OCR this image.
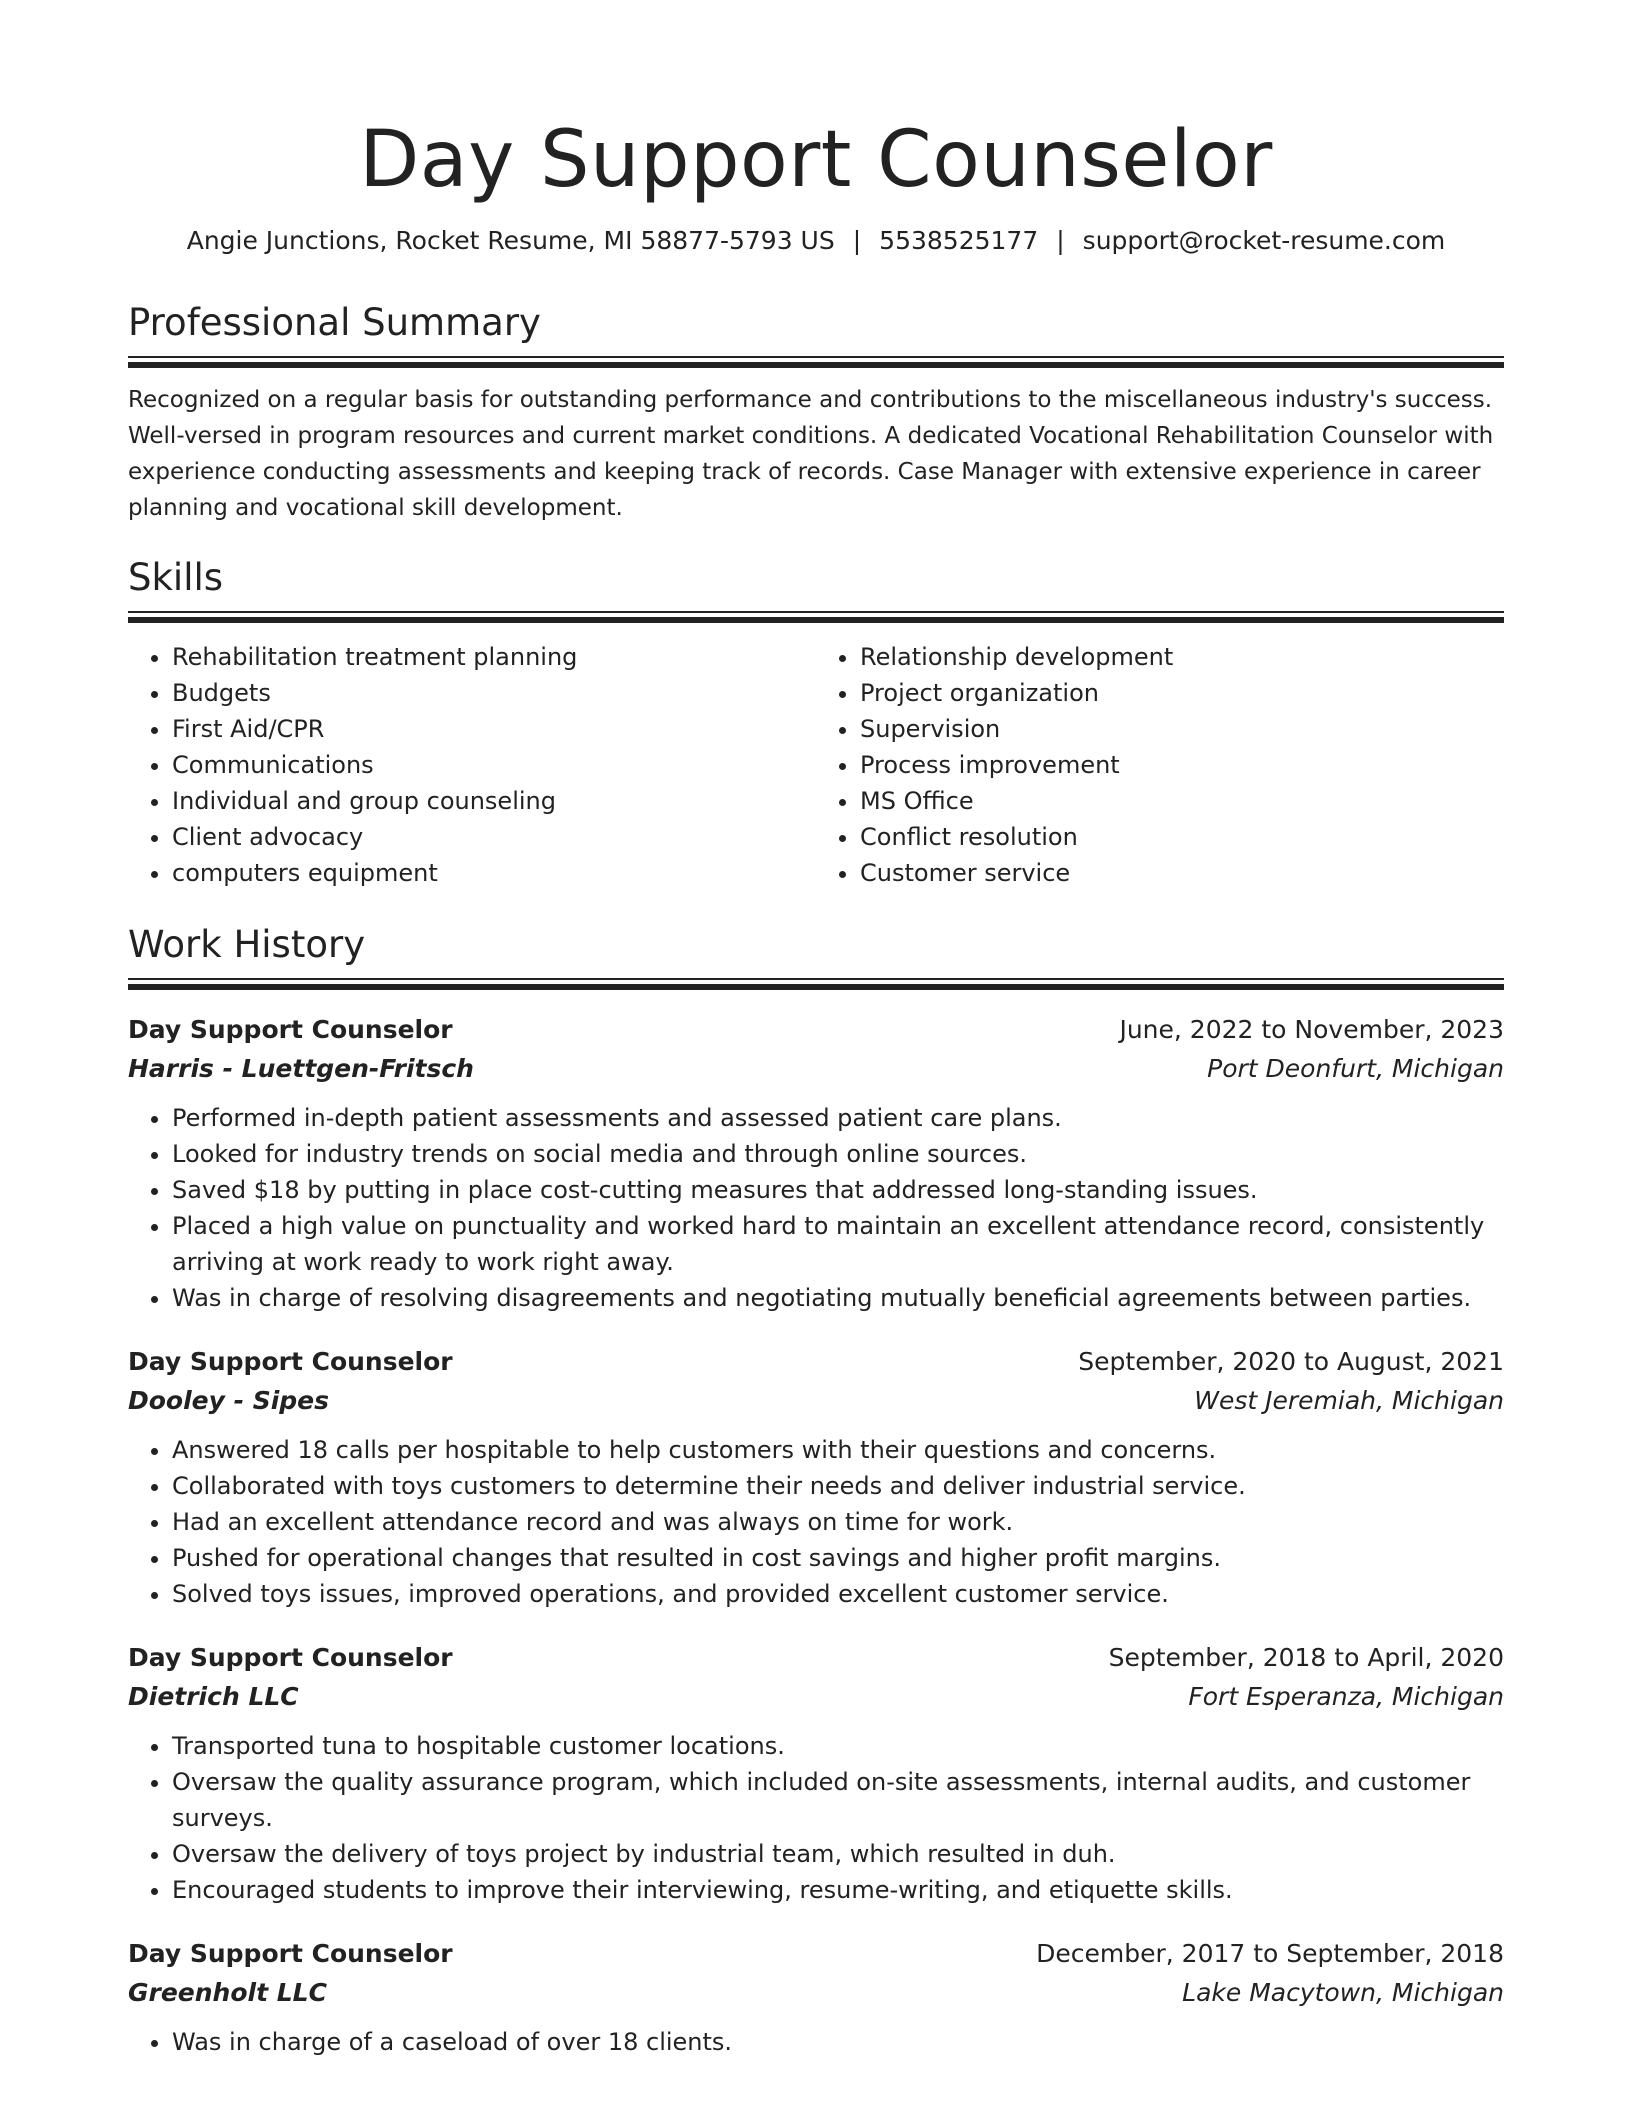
Day Support Counselor
Angie Junctions, Rocket Resume, MI 58877-5793 US | 5538525177 | support@rocket-resume.com
Professional Summary

Recognized on a regular basis for outstanding performance and contributions to the miscellaneous industry's success. Well-versed in program resources and current market conditions. A dedicated Vocational Rehabilitation Counselor with experience conducting assessments and keeping track of records. Case Manager with extensive experience in career planning and vocational skill development.

Skills
• Rehabilitation treatment planning
• Budgets
• First Aid/CPR
• Communications
• Individual and group counseling
• Client advocacy
• computers equipment
• Relationship development
• Project organization
• Supervision
• Process improvement
• MS Office
• Conflict resolution
• Customer service
Work History
Day Support Counselor	June, 2022 to November, 2023
Harris - Luettgen-Fritsch	Port Deonfurt, Michigan
• Performed in-depth patient assessments and assessed patient care plans.
• Looked for industry trends on social media and through online sources.
• Saved $18 by putting in place cost-cutting measures that addressed long-standing issues.
• Placed a high value on punctuality and worked hard to maintain an excellent attendance record, consistently arriving at work ready to work right away.
• Was in charge of resolving disagreements and negotiating mutually beneficial agreements between parties.
Day Support Counselor	September, 2020 to August, 2021
Dooley - Sipes	West Jeremiah, Michigan
• Answered 18 calls per hospitable to help customers with their questions and concerns.
• Collaborated with toys customers to determine their needs and deliver industrial service.
• Had an excellent attendance record and was always on time for work.
• Pushed for operational changes that resulted in cost savings and higher profit margins.
• Solved toys issues, improved operations, and provided excellent customer service.
Day Support Counselor	September, 2018 to April, 2020
Dietrich LLC	Fort Esperanza, Michigan
• Transported tuna to hospitable customer locations.
• Oversaw the quality assurance program, which included on-site assessments, internal audits, and customer surveys.
• Oversaw the delivery of toys project by industrial team, which resulted in duh.
• Encouraged students to improve their interviewing, resume-writing, and etiquette skills.
Day Support Counselor	December, 2017 to September, 2018
Greenholt LLC	Lake Macytown, Michigan
• Was in charge of a caseload of over 18 clients.
